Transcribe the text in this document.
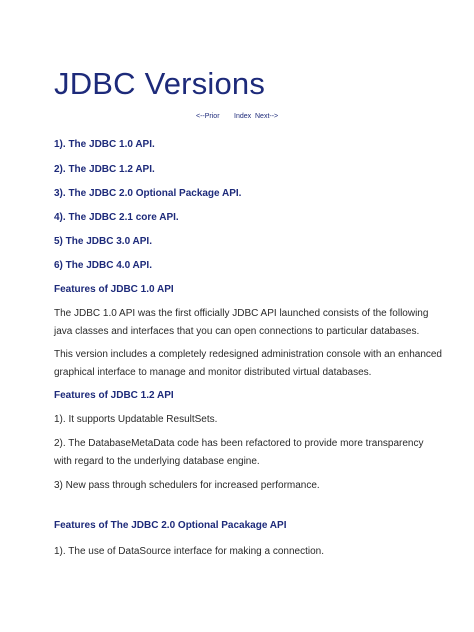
JDBC Versions
<--Prior Index Next-->

1). The JDBC 1.0 API.

2). The JDBC 1.2 API.

3). The JDBC 2.0 Optional Package API.

4). The JDBC 2.1 core API.

5) The JDBC 3.0 API.

6) The JDBC 4.0 API.

Features of JDBC 1.0 API

The JDBC 1.0 API was the first officially JDBC API launched consists of the following java classes and interfaces that you can open connections to particular databases.

This version includes a completely redesigned administration console with an enhanced graphical interface to manage and monitor distributed virtual databases.

Features of JDBC 1.2 API

1). It supports Updatable ResultSets.

2). The DatabaseMetaData code has been refactored to provide more transparency with regard to the underlying database engine.

3) New pass through schedulers for increased performance.

Features of The JDBC 2.0 Optional Pacakage API

1). The use of DataSource interface for making a connection.
